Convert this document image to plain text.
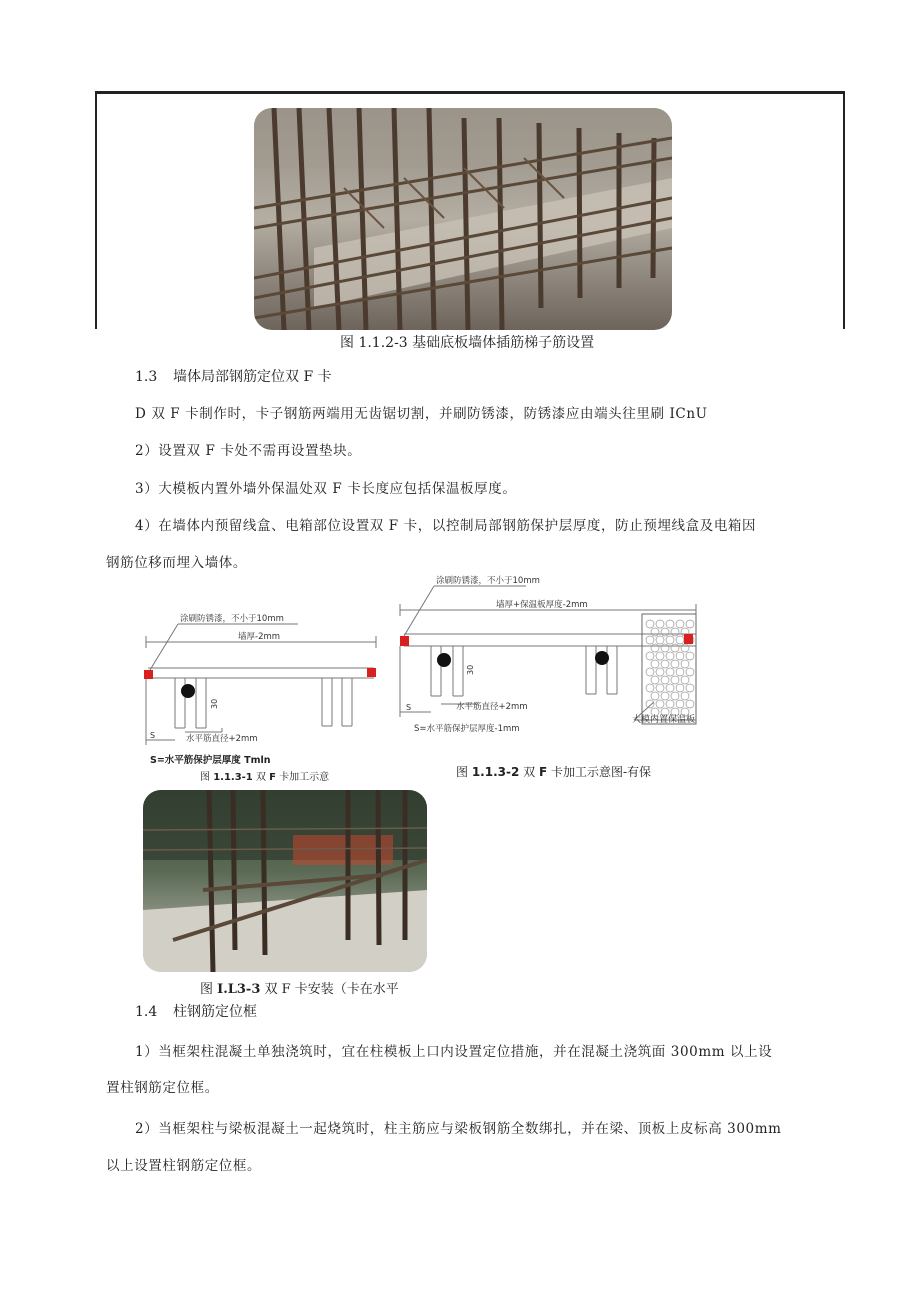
图 1.1.2-3 基础底板墙体插筋梯子筋设置
1.3 墙体局部钢筋定位双 F 卡
D 双 F 卡制作时，卡子钢筋两端用无齿锯切割，并刷防锈漆，防锈漆应由端头往里刷 ICnU
2）设置双 F 卡处不需再设置垫块。
3）大模板内置外墙外保温处双 F 卡长度应包括保温板厚度。
4）在墙体内预留线盒、电箱部位设置双 F 卡，以控制局部钢筋保护层厚度，防止预埋线盒及电箱因
钢筋位移而埋入墙体。
涂刷防锈漆，不小于10mm
墙厚-2mm
30
S	水平筋直径+2mm
S=水平筋保护层厚度 Tmln
图 1.1.3-1 双 F 卡加工示意
涂刷防锈漆，不小于10mm
墙厚+保温板厚度-2mm
30
S	水平筋直径+2mm
S=水平筋保护层厚度-1mm
大模内置保温板
图 1.1.3-2 双 F 卡加工示意图-有保
图 I.L3-3 双 F 卡安装（卡在水平
1.4 柱钢筋定位框
1）当框架柱混凝土单独浇筑时，宜在柱模板上口内设置定位措施，并在混凝土浇筑面 300mm 以上设
置柱钢筋定位框。
2）当框架柱与梁板混凝土一起烧筑时，柱主筋应与梁板钢筋全数绑扎，并在梁、顶板上皮标高 300mm
以上设置柱钢筋定位框。
